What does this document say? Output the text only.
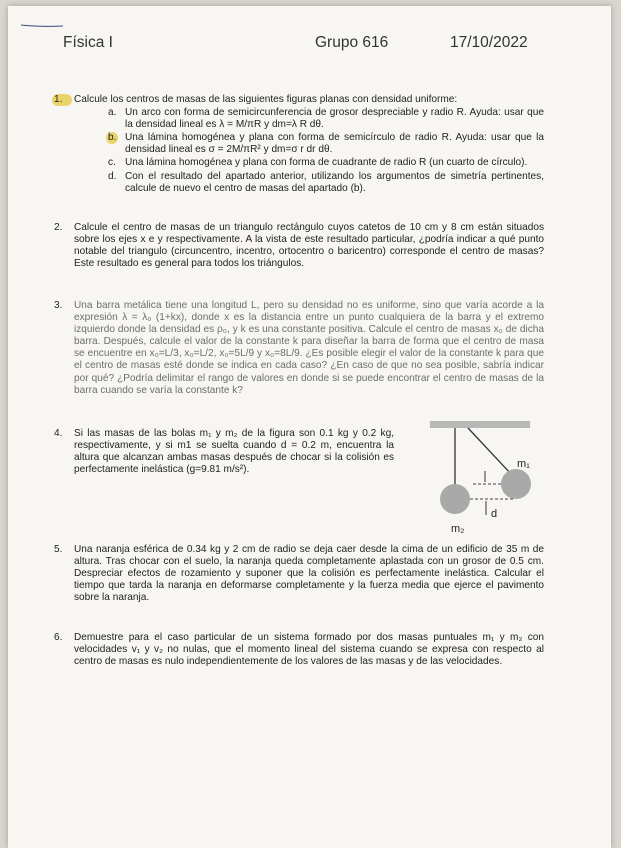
Física I	Grupo 616	17/10/2022
1.	Calcule los centros de masas de las siguientes figuras planas con densidad uniforme:
a. Un arco con forma de semicircunferencia de grosor despreciable y radio R. Ayuda: usar que la densidad lineal es λ = M/πR y dm=λ R dθ.
b. Una lámina homogénea y plana con forma de semicírculo de radio R. Ayuda: usar que la densidad lineal es σ = 2M/πR² y dm=σ r dr dθ.
c. Una lámina homogénea y plana con forma de cuadrante de radio R (un cuarto de círculo).
d. Con el resultado del apartado anterior, utilizando los argumentos de simetría pertinentes, calcule de nuevo el centro de masas del apartado (b).
2.	Calcule el centro de masas de un triangulo rectángulo cuyos catetos de 10 cm y 8 cm están situados sobre los ejes x e y respectivamente. A la vista de este resultado particular, ¿podría indicar a qué punto notable del triangulo (circuncentro, incentro, ortocentro o baricentro) corresponde el centro de masas? Este resultado es general para todos los triángulos.
3.	Una barra metálica tiene una longitud L, pero su densidad no es uniforme, sino que varía acorde a la expresión λ = λ₀ (1+kx), donde x es la distancia entre un punto cualquiera de la barra y el extremo izquierdo donde la densidad es ρ₀, y k es una constante positiva. Calcule el centro de masas x₀ de dicha barra. Después, calcule el valor de la constante k para diseñar la barra de forma que el centro de masa se encuentre en x₀=L/3, x₀=L/2, x₀=5L/9 y x₀=8L/9. ¿Es posible elegir el valor de la constante k para que el centro de masas esté donde se indica en cada caso? ¿En caso de que no sea posible, sabría indicar por qué? ¿Podría delimitar el rango de valores en donde si se puede encontrar el centro de masas de la barra cuando se varía la constante k?
4.	Si las masas de las bolas m₁ y m₂ de la figura son 0.1 kg y 0.2 kg, respectivamente, y si m1 se suelta cuando d = 0.2 m, encuentra la altura que alcanzan ambas masas después de chocar si la colisión es perfectamente inelástica (g=9.81 m/s²).	m₁
m₂
d
5.	Una naranja esférica de 0.34 kg y 2 cm de radio se deja caer desde la cima de un edificio de 35 m de altura. Tras chocar con el suelo, la naranja queda completamente aplastada con un grosor de 0.5 cm. Despreciar efectos de rozamiento y suponer que la colisión es perfectamente inelástica. Calcular el tiempo que tarda la naranja en deformarse completamente y la fuerza media que ejerce el pavimento sobre la naranja.
6.	Demuestre para el caso particular de un sistema formado por dos masas puntuales m₁ y m₂ con velocidades v₁ y v₂ no nulas, que el momento lineal del sistema cuando se expresa con respecto al centro de masas es nulo independientemente de los valores de las masas y de las velocidades.
